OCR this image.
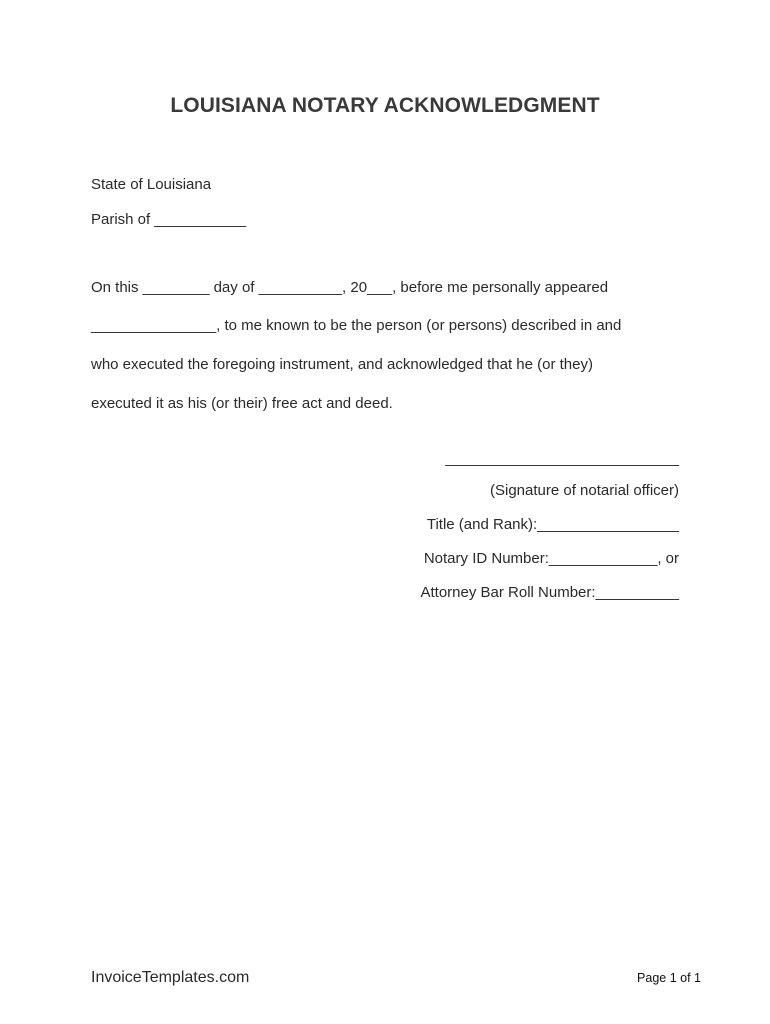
LOUISIANA NOTARY ACKNOWLEDGMENT
State of Louisiana
Parish of ___________
On this ________ day of __________, 20___, before me personally appeared
_______________, to me known to be the person (or persons) described in and
who executed the foregoing instrument, and acknowledged that he (or they)
executed it as his (or their) free act and deed.
____________________________
(Signature of notarial officer)
Title (and Rank):_________________
Notary ID Number:_____________, or
Attorney Bar Roll Number:__________
InvoiceTemplates.com	Page 1 of 1
